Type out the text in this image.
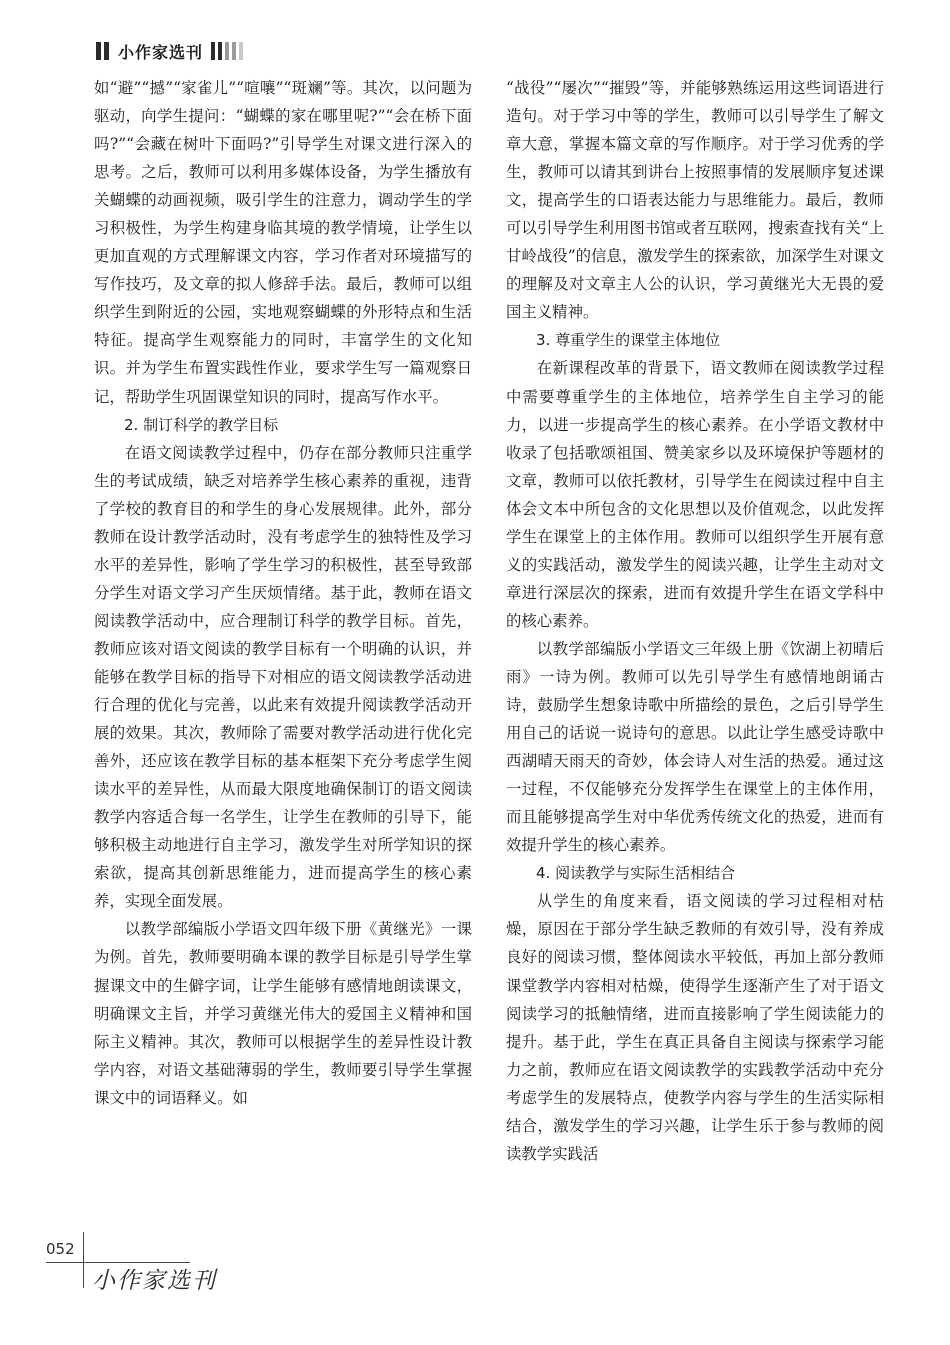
小作家选刊

如“避”“撼”“家雀儿”“喧嚷”“斑斓”等。其次，以问题为驱动，向学生提问：“蝴蝶的家在哪里呢?”“会在桥下面吗?”“会藏在树叶下面吗?”引导学生对课文进行深入的思考。之后，教师可以利用多媒体设备，为学生播放有关蝴蝶的动画视频，吸引学生的注意力，调动学生的学习积极性，为学生构建身临其境的教学情境，让学生以更加直观的方式理解课文内容，学习作者对环境描写的写作技巧，及文章的拟人修辞手法。最后，教师可以组织学生到附近的公园，实地观察蝴蝶的外形特点和生活特征。提高学生观察能力的同时，丰富学生的文化知识。并为学生布置实践性作业，要求学生写一篇观察日记，帮助学生巩固课堂知识的同时，提高写作水平。

2. 制订科学的教学目标

在语文阅读教学过程中，仍存在部分教师只注重学生的考试成绩，缺乏对培养学生核心素养的重视，违背了学校的教育目的和学生的身心发展规律。此外，部分教师在设计教学活动时，没有考虑学生的独特性及学习水平的差异性，影响了学生学习的积极性，甚至导致部分学生对语文学习产生厌烦情绪。基于此，教师在语文阅读教学活动中，应合理制订科学的教学目标。首先，教师应该对语文阅读的教学目标有一个明确的认识，并能够在教学目标的指导下对相应的语文阅读教学活动进行合理的优化与完善，以此来有效提升阅读教学活动开展的效果。其次，教师除了需要对教学活动进行优化完善外，还应该在教学目标的基本框架下充分考虑学生阅读水平的差异性，从而最大限度地确保制订的语文阅读教学内容适合每一名学生，让学生在教师的引导下，能够积极主动地进行自主学习，激发学生对所学知识的探索欲，提高其创新思维能力，进而提高学生的核心素养，实现全面发展。

以教学部编版小学语文四年级下册《黄继光》一课为例。首先，教师要明确本课的教学目标是引导学生掌握课文中的生僻字词，让学生能够有感情地朗读课文，明确课文主旨，并学习黄继光伟大的爱国主义精神和国际主义精神。其次，教师可以根据学生的差异性设计教学内容，对语文基础薄弱的学生，教师要引导学生掌握课文中的词语释义。如

“战役”“屡次”“摧毁”等，并能够熟练运用这些词语进行造句。对于学习中等的学生，教师可以引导学生了解文章大意，掌握本篇文章的写作顺序。对于学习优秀的学生，教师可以请其到讲台上按照事情的发展顺序复述课文，提高学生的口语表达能力与思维能力。最后，教师可以引导学生利用图书馆或者互联网，搜索查找有关“上甘岭战役”的信息，激发学生的探索欲，加深学生对课文的理解及对文章主人公的认识，学习黄继光大无畏的爱国主义精神。

3. 尊重学生的课堂主体地位

在新课程改革的背景下，语文教师在阅读教学过程中需要尊重学生的主体地位，培养学生自主学习的能力，以进一步提高学生的核心素养。在小学语文教材中收录了包括歌颂祖国、赞美家乡以及环境保护等题材的文章，教师可以依托教材，引导学生在阅读过程中自主体会文本中所包含的文化思想以及价值观念，以此发挥学生在课堂上的主体作用。教师可以组织学生开展有意义的实践活动，激发学生的阅读兴趣，让学生主动对文章进行深层次的探索，进而有效提升学生在语文学科中的核心素养。

以教学部编版小学语文三年级上册《饮湖上初晴后雨》一诗为例。教师可以先引导学生有感情地朗诵古诗，鼓励学生想象诗歌中所描绘的景色，之后引导学生用自己的话说一说诗句的意思。以此让学生感受诗歌中西湖晴天雨天的奇妙，体会诗人对生活的热爱。通过这一过程，不仅能够充分发挥学生在课堂上的主体作用，而且能够提高学生对中华优秀传统文化的热爱，进而有效提升学生的核心素养。

4. 阅读教学与实际生活相结合

从学生的角度来看，语文阅读的学习过程相对枯燥，原因在于部分学生缺乏教师的有效引导，没有养成良好的阅读习惯，整体阅读水平较低，再加上部分教师课堂教学内容相对枯燥，使得学生逐渐产生了对于语文阅读学习的抵触情绪，进而直接影响了学生阅读能力的提升。基于此，学生在真正具备自主阅读与探索学习能力之前，教师应在语文阅读教学的实践教学活动中充分考虑学生的发展特点，使教学内容与学生的生活实际相结合，激发学生的学习兴趣，让学生乐于参与教师的阅读教学实践活

052
小作家选刊
